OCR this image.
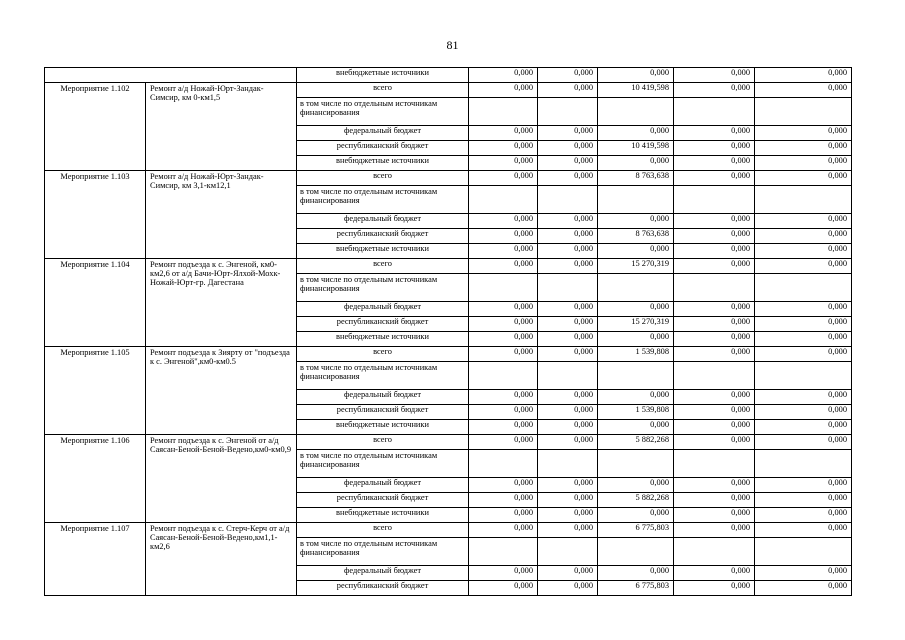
81
		внебюджетные источники	0,000	0,000	0,000	0,000	0,000
Мероприятие 1.102	Ремонт а/д Ножай-Юрт-Зандак-Симсир, км 0-км1,5	всего	0,000	0,000	10 419,598	0,000	0,000
		в том числе по отдельным источникам финансирования					
		федеральный бюджет	0,000	0,000	0,000	0,000	0,000
		республиканский бюджет	0,000	0,000	10 419,598	0,000	0,000
		внебюджетные источники	0,000	0,000	0,000	0,000	0,000
Мероприятие 1.103	Ремонт а/д Ножай-Юрт-Зандак-Симсир, км 3,1-км12,1	всего	0,000	0,000	8 763,638	0,000	0,000
		в том числе по отдельным источникам финансирования					
		федеральный бюджет	0,000	0,000	0,000	0,000	0,000
		республиканский бюджет	0,000	0,000	8 763,638	0,000	0,000
		внебюджетные источники	0,000	0,000	0,000	0,000	0,000
Мероприятие 1.104	Ремонт подъезда к с. Энгеной, км0-км2,6 от а/д Бачи-Юрт-Ялхой-Мохк-Ножай-Юрт-гр. Дагестана	всего	0,000	0,000	15 270,319	0,000	0,000
		в том числе по отдельным источникам финансирования					
		федеральный бюджет	0,000	0,000	0,000	0,000	0,000
		республиканский бюджет	0,000	0,000	15 270,319	0,000	0,000
		внебюджетные источники	0,000	0,000	0,000	0,000	0,000
Мероприятие 1.105	Ремонт подъезда к Зиярту от "подъезда к с. Энгеной",км0-км0.5	всего	0,000	0,000	1 539,808	0,000	0,000
		в том числе по отдельным источникам финансирования					
		федеральный бюджет	0,000	0,000	0,000	0,000	0,000
		республиканский бюджет	0,000	0,000	1 539,808	0,000	0,000
		внебюджетные источники	0,000	0,000	0,000	0,000	0,000
Мероприятие 1.106	Ремонт подъезда к с. Энгеной от а/д Саясан-Беной-Беной-Ведено,км0-км0,9	всего	0,000	0,000	5 882,268	0,000	0,000
		в том числе по отдельным источникам финансирования					
		федеральный бюджет	0,000	0,000	0,000	0,000	0,000
		республиканский бюджет	0,000	0,000	5 882,268	0,000	0,000
		внебюджетные источники	0,000	0,000	0,000	0,000	0,000
Мероприятие 1.107	Ремонт подъезда к с. Стерч-Керч от а/д Саясан-Беной-Беной-Ведено,км1,1-км2,6	всего	0,000	0,000	6 775,803	0,000	0,000
		в том числе по отдельным источникам финансирования					
		федеральный бюджет	0,000	0,000	0,000	0,000	0,000
		республиканский бюджет	0,000	0,000	6 775,803	0,000	0,000
